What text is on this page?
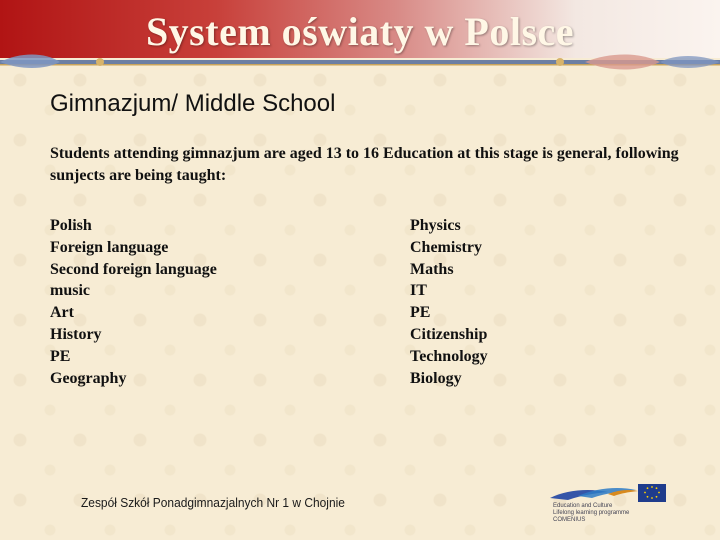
System oświaty w Polsce
Gimnazjum/ Middle School
Students attending gimnazjum are aged 13 to 16 Education at this stage is general, following sunjects are being taught:
Polish
Foreign language
Second foreign language
music
Art
History
PE
Geography
Physics
Chemistry
Maths
IT
PE
Citizenship
Technology
Biology
Zespół Szkół Ponadgimnazjalnych Nr 1 w Chojnie	Education and Culture
Lifelong learning programme
COMENIUS
